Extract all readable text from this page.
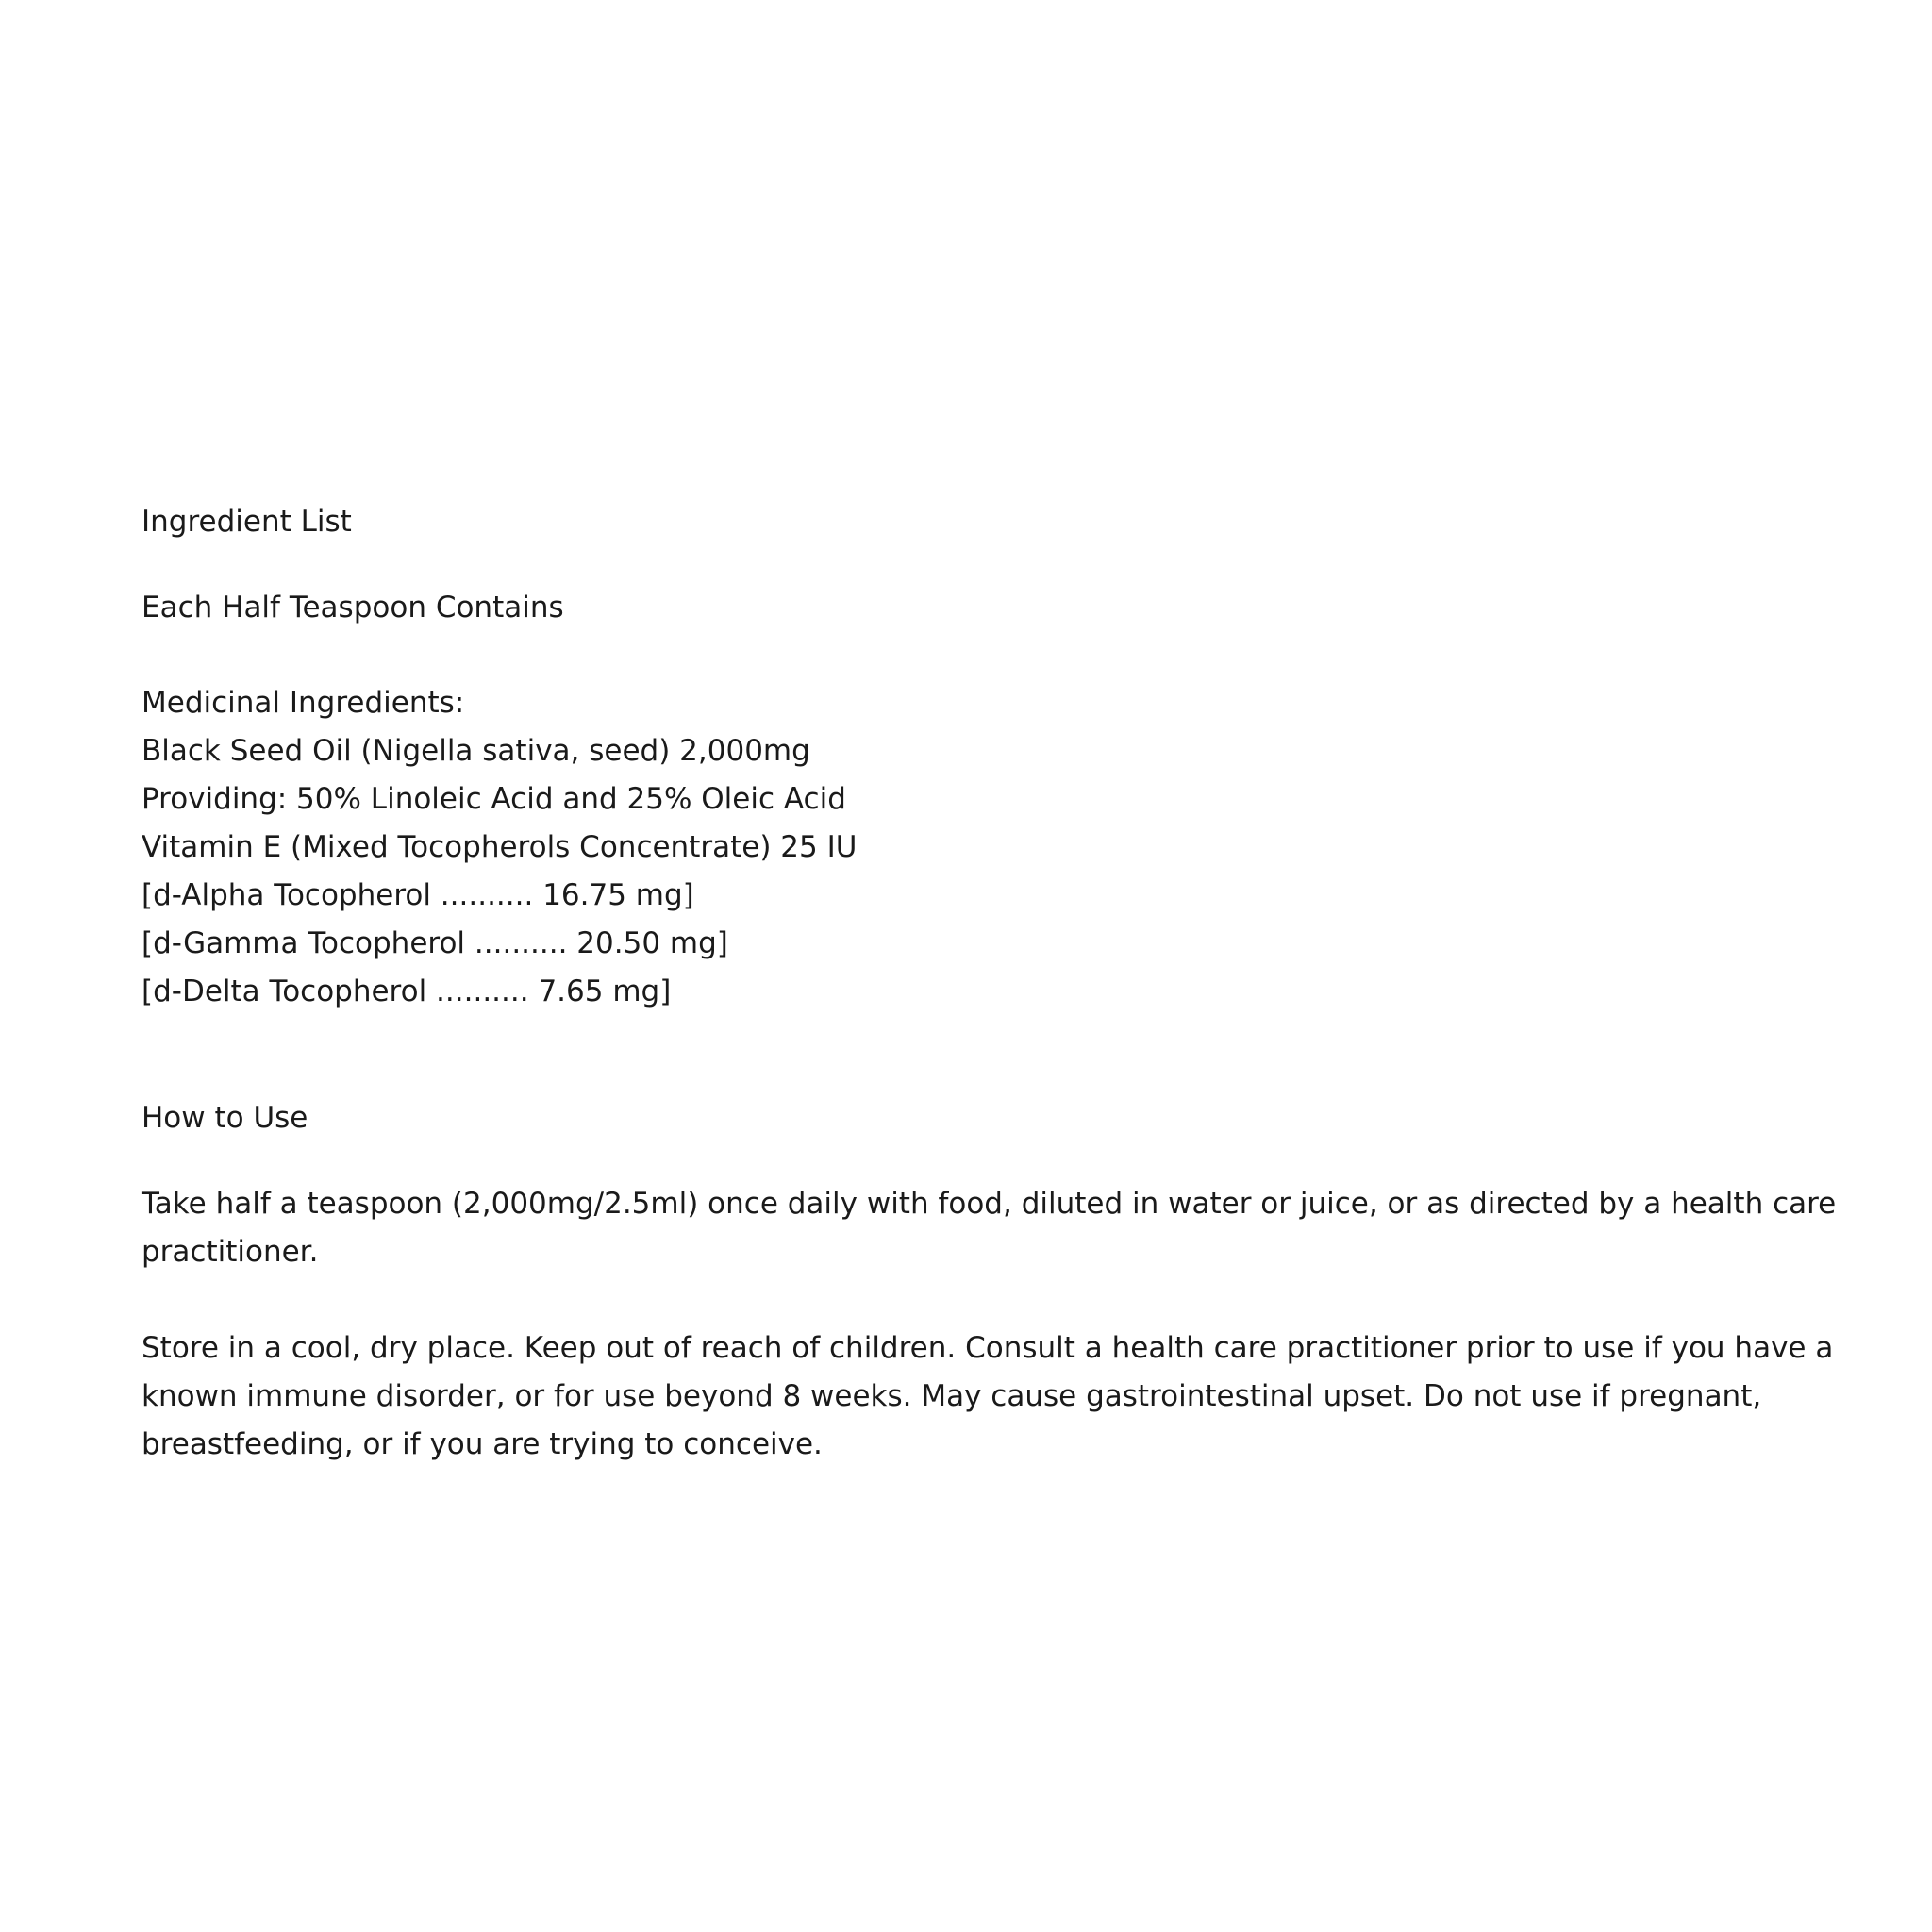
Ingredient List

Each Half Teaspoon Contains

Medicinal Ingredients:

Black Seed Oil (Nigella sativa, seed) 2,000mg

Providing: 50% Linoleic Acid and 25% Oleic Acid

Vitamin E (Mixed Tocopherols Concentrate) 25 IU

[d-Alpha Tocopherol .......... 16.75 mg]

[d-Gamma Tocopherol .......... 20.50 mg]

[d-Delta Tocopherol .......... 7.65 mg]

How to Use

Take half a teaspoon (2,000mg/2.5ml) once daily with food, diluted in water or juice, or as directed by a health care practitioner.

Store in a cool, dry place. Keep out of reach of children. Consult a health care practitioner prior to use if you have a known immune disorder, or for use beyond 8 weeks. May cause gastrointestinal upset. Do not use if pregnant, breastfeeding, or if you are trying to conceive.
